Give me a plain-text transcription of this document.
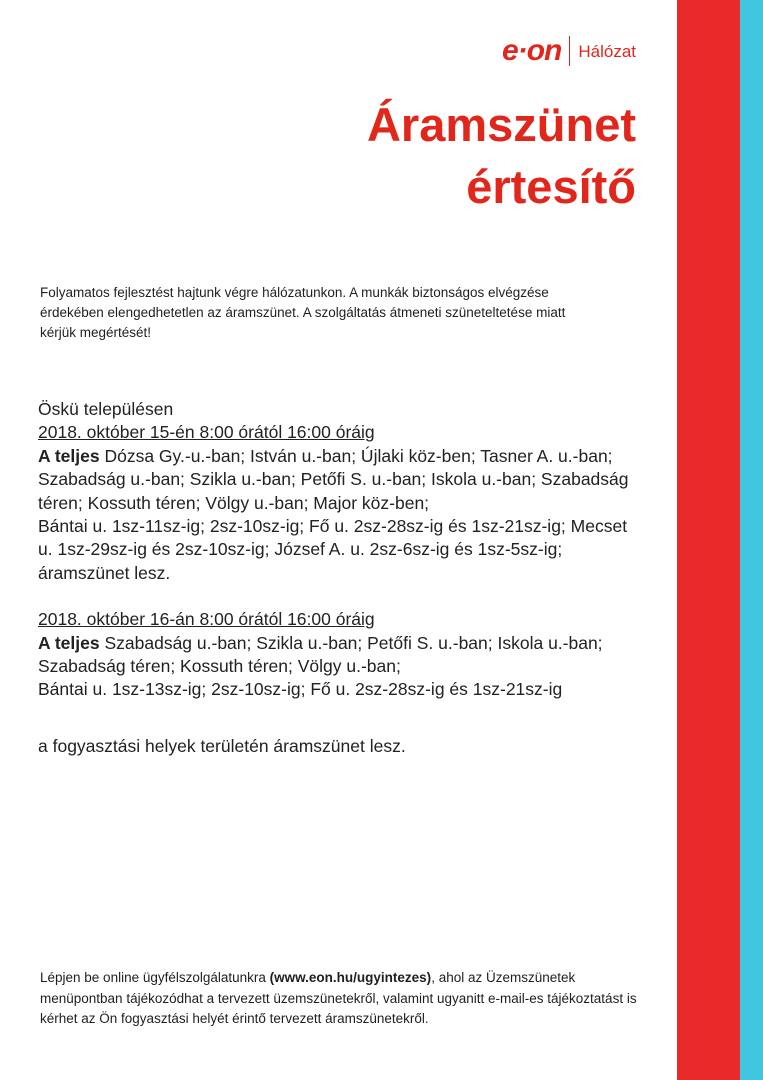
e·on Hálózat
Áramszünet
értesítő
Folyamatos fejlesztést hajtunk végre hálózatunkon. A munkák biztonságos elvégzése érdekében elengedhetetlen az áramszünet. A szolgáltatás átmeneti szüneteltetése miatt kérjük megértését!

Öskü településen

2018. október 15-én 8:00 órától 16:00 óráig

A teljes Dózsa Gy.-u.-ban; István u.-ban; Újlaki köz-ben; Tasner A. u.-ban; Szabadság u.-ban; Szikla u.-ban; Petőfi S. u.-ban; Iskola u.-ban; Szabadság téren; Kossuth téren; Völgy u.-ban; Major köz-ben;

Bántai u. 1sz-11sz-ig; 2sz-10sz-ig; Fő u. 2sz-28sz-ig és 1sz-21sz-ig; Mecset u. 1sz-29sz-ig és 2sz-10sz-ig; József A. u. 2sz-6sz-ig és 1sz-5sz-ig;

áramszünet lesz.

2018. október 16-án 8:00 órától 16:00 óráig

A teljes Szabadság u.-ban; Szikla u.-ban; Petőfi S. u.-ban; Iskola u.-ban; Szabadság téren; Kossuth téren; Völgy u.-ban;

Bántai u. 1sz-13sz-ig; 2sz-10sz-ig; Fő u. 2sz-28sz-ig és 1sz-21sz-ig

a fogyasztási helyek területén áramszünet lesz.

Lépjen be online ügyfélszolgálatunkra (www.eon.hu/ugyintezes), ahol az Üzemszünetek menüpontban tájékozódhat a tervezett üzemszünetekről, valamint ugyanitt e-mail-es tájékoztatást is kérhet az Ön fogyasztási helyét érintő tervezett áramszünetekről.
